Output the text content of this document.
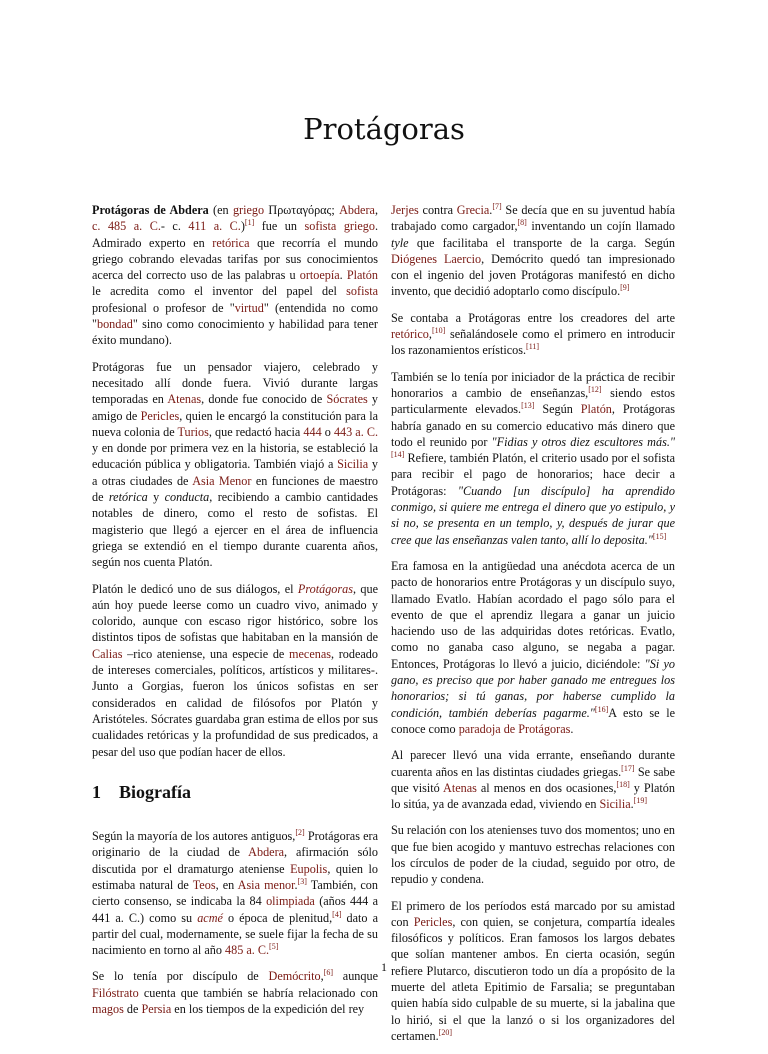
Protágoras

Protágoras de Abdera (en griego Πρωταγόρας; Abdera, c. 485 a. C.- c. 411 a. C.)[1] fue un sofista griego. Admirado experto en retórica que recorría el mundo griego cobrando elevadas tarifas por sus conocimientos acerca del correcto uso de las palabras u ortoepía. Platón le acredita como el inventor del papel del sofista profesional o profesor de "virtud" (entendida no como "bondad" sino como conocimiento y habilidad para tener éxito mundano).

Protágoras fue un pensador viajero, celebrado y necesitado allí donde fuera. Vivió durante largas temporadas en Atenas, donde fue conocido de Sócrates y amigo de Pericles, quien le encargó la constitución para la nueva colonia de Turios, que redactó hacia 444 o 443 a. C. y en donde por primera vez en la historia, se estableció la educación pública y obligatoria. También viajó a Sicilia y a otras ciudades de Asia Menor en funciones de maestro de retórica y conducta, recibiendo a cambio cantidades notables de dinero, como el resto de sofistas. El magisterio que llegó a ejercer en el área de influencia griega se extendió en el tiempo durante cuarenta años, según nos cuenta Platón.

Platón le dedicó uno de sus diálogos, el Protágoras, que aún hoy puede leerse como un cuadro vivo, animado y colorido, aunque con escaso rigor histórico, sobre los distintos tipos de sofistas que habitaban en la mansión de Calias –rico ateniense, una especie de mecenas, rodeado de intereses comerciales, políticos, artísticos y militares-. Junto a Gorgias, fueron los únicos sofistas en ser considerados en calidad de filósofos por Platón y Aristóteles. Sócrates guardaba gran estima de ellos por sus cualidades retóricas y la profundidad de sus predicados, a pesar del uso que podían hacer de ellos.

1 Biografía

Según la mayoría de los autores antiguos,[2] Protágoras era originario de la ciudad de Abdera, afirmación sólo discutida por el dramaturgo ateniense Eupolis, quien lo estimaba natural de Teos, en Asia menor.[3] También, con cierto consenso, se indicaba la 84 olimpiada (años 444 a 441 a. C.) como su acmé o época de plenitud,[4] dato a partir del cual, modernamente, se suele fijar la fecha de su nacimiento en torno al año 485 a. C.[5]

Se lo tenía por discípulo de Demócrito,[6] aunque Filóstrato cuenta que también se habría relacionado con magos de Persia en los tiempos de la expedición del rey

Jerjes contra Grecia.[7] Se decía que en su juventud había trabajado como cargador,[8] inventando un cojín llamado tyle que facilitaba el transporte de la carga. Según Diógenes Laercio, Demócrito quedó tan impresionado con el ingenio del joven Protágoras manifestó en dicho invento, que decidió adoptarlo como discípulo.[9]

Se contaba a Protágoras entre los creadores del arte retórico,[10] señalándosele como el primero en introducir los razonamientos erísticos.[11]

También se lo tenía por iniciador de la práctica de recibir honorarios a cambio de enseñanzas,[12] siendo estos particularmente elevados.[13] Según Platón, Protágoras habría ganado en su comercio educativo más dinero que todo el reunido por "Fidias y otros diez escultores más."[14] Refiere, también Platón, el criterio usado por el sofista para recibir el pago de honorarios; hace decir a Protágoras: "Cuando [un discípulo] ha aprendido conmigo, si quiere me entrega el dinero que yo estipulo, y si no, se presenta en un templo, y, después de jurar que cree que las enseñanzas valen tanto, allí lo deposita."[15]

Era famosa en la antigüedad una anécdota acerca de un pacto de honorarios entre Protágoras y un discípulo suyo, llamado Evatlo. Habían acordado el pago sólo para el evento de que el aprendiz llegara a ganar un juicio haciendo uso de las adquiridas dotes retóricas. Evatlo, como no ganaba caso alguno, se negaba a pagar. Entonces, Protágoras lo llevó a juicio, diciéndole: "Si yo gano, es preciso que por haber ganado me entregues los honorarios; si tú ganas, por haberse cumplido la condición, también deberías pagarme."[16]A esto se le conoce como paradoja de Protágoras.

Al parecer llevó una vida errante, enseñando durante cuarenta años en las distintas ciudades griegas.[17] Se sabe que visitó Atenas al menos en dos ocasiones,[18] y Platón lo sitúa, ya de avanzada edad, viviendo en Sicilia.[19]

Su relación con los atenienses tuvo dos momentos; uno en que fue bien acogido y mantuvo estrechas relaciones con los círculos de poder de la ciudad, seguido por otro, de repudio y condena.

El primero de los períodos está marcado por su amistad con Pericles, con quien, se conjetura, compartía ideales filosóficos y políticos. Eran famosos los largos debates que solían mantener ambos. En cierta ocasión, según refiere Plutarco, discutieron todo un día a propósito de la muerte del atleta Epitimio de Farsalia; se preguntaban quien había sido culpable de su muerte, si la jabalina que lo hirió, si el que la lanzó o si los organizadores del certamen.[20]

1
